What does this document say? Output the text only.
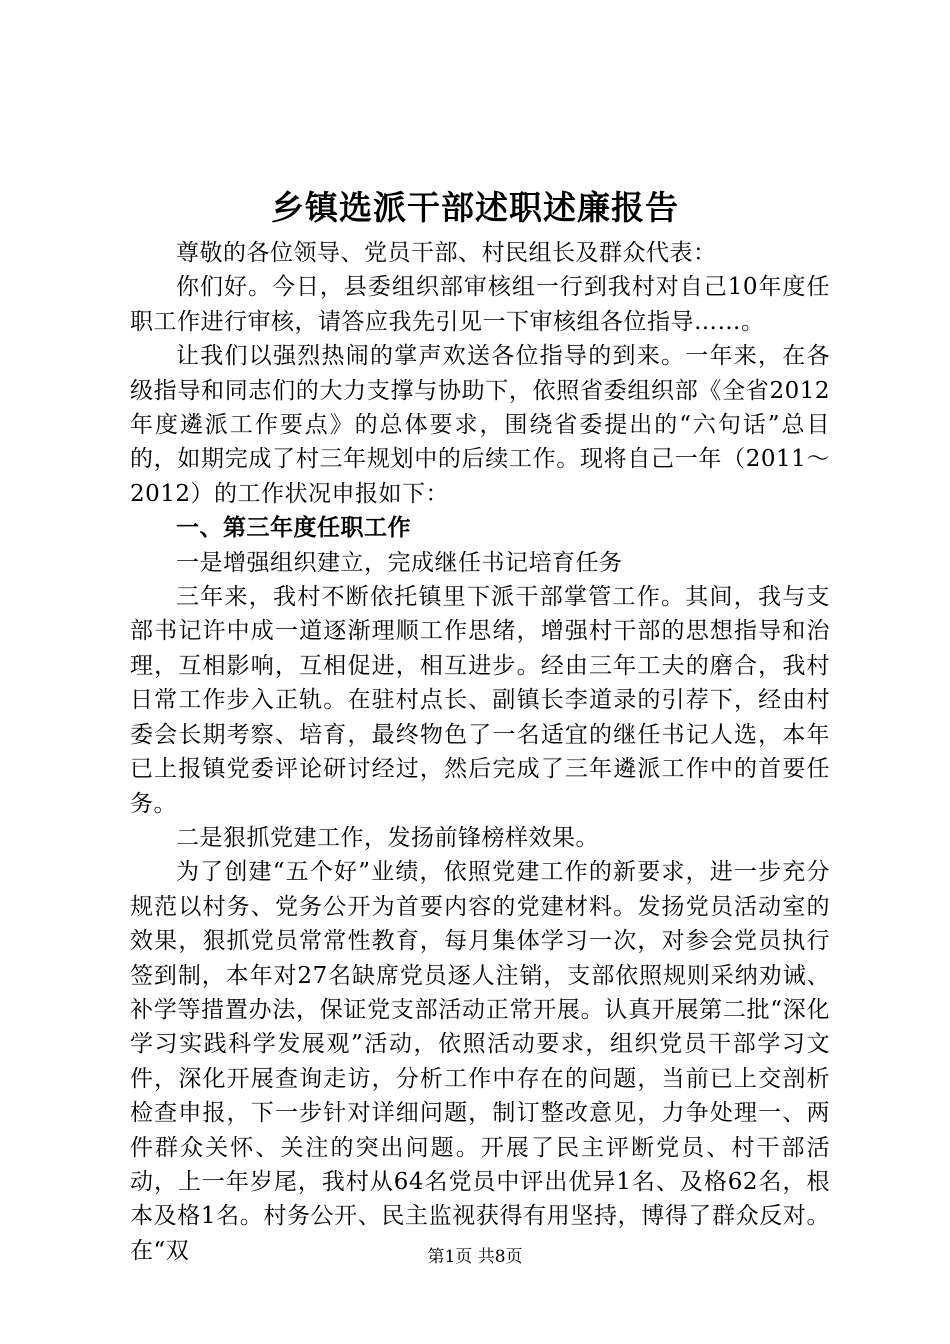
乡镇选派干部述职述廉报告

尊敬的各位领导、党员干部、村民组长及群众代表：

你们好。今日，县委组织部审核组一行到我村对自己10年度任职工作进行审核，请答应我先引见一下审核组各位指导……。

让我们以强烈热闹的掌声欢送各位指导的到来。一年来，在各级指导和同志们的大力支撑与协助下，依照省委组织部《全省2012年度遴派工作要点》的总体要求，围绕省委提出的“六句话”总目的，如期完成了村三年规划中的后续工作。现将自己一年（2011～2012）的工作状况申报如下：

一、第三年度任职工作

一是增强组织建立，完成继任书记培育任务

三年来，我村不断依托镇里下派干部掌管工作。其间，我与支部书记许中成一道逐渐理顺工作思绪，增强村干部的思想指导和治理，互相影响，互相促进，相互进步。经由三年工夫的磨合，我村日常工作步入正轨。在驻村点长、副镇长李道录的引荐下，经由村委会长期考察、培育，最终物色了一名适宜的继任书记人选，本年已上报镇党委评论研讨经过，然后完成了三年遴派工作中的首要任务。

二是狠抓党建工作，发扬前锋榜样效果。

为了创建“五个好”业绩，依照党建工作的新要求，进一步充分规范以村务、党务公开为首要内容的党建材料。发扬党员活动室的效果，狠抓党员常常性教育，每月集体学习一次，对参会党员执行签到制，本年对27名缺席党员逐人注销，支部依照规则采纳劝诫、补学等措置办法，保证党支部活动正常开展。认真开展第二批“深化学习实践科学发展观”活动，依照活动要求，组织党员干部学习文件，深化开展查询走访，分析工作中存在的问题，当前已上交剖析检查申报，下一步针对详细问题，制订整改意见，力争处理一、两件群众关怀、关注的突出问题。开展了民主评断党员、村干部活动，上一年岁尾，我村从64名党员中评出优异1名、及格62名，根本及格1名。村务公开、民主监视获得有用坚持，博得了群众反对。在“双	第1页 共8页
